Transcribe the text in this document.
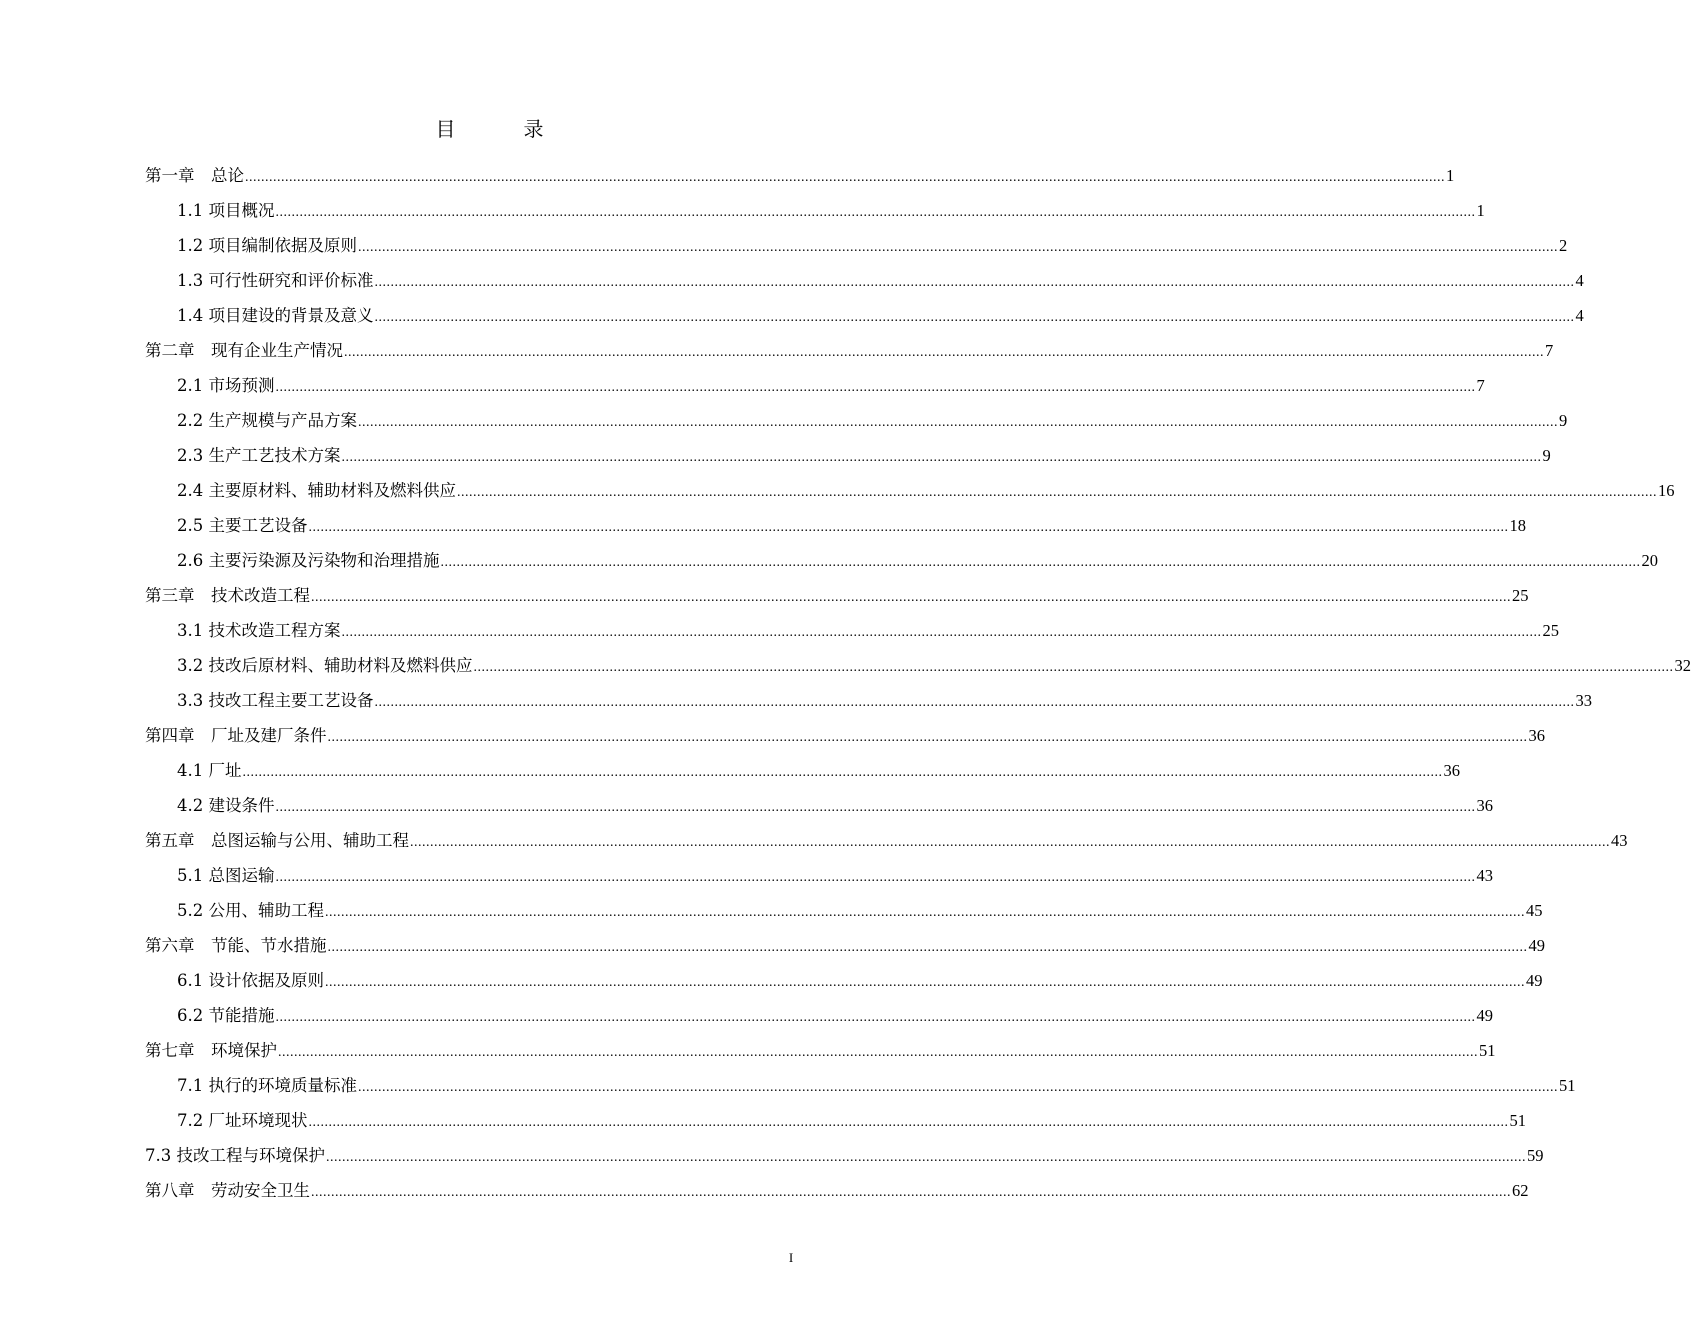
目　录
第一章　总论 ............................................................................................................................................................................................................................................................................................................ 1
1.1 项目概况 ............................................................................................................................................................................................................................................................................................................ 1
1.2 项目编制依据及原则 ............................................................................................................................................................................................................................................................................................................ 2
1.3 可行性研究和评价标准 ............................................................................................................................................................................................................................................................................................................ 4
1.4 项目建设的背景及意义 ............................................................................................................................................................................................................................................................................................................ 4
第二章　现有企业生产情况 ............................................................................................................................................................................................................................................................................................................ 7
2.1 市场预测 ............................................................................................................................................................................................................................................................................................................ 7
2.2 生产规模与产品方案 ............................................................................................................................................................................................................................................................................................................ 9
2.3 生产工艺技术方案 ............................................................................................................................................................................................................................................................................................................ 9
2.4 主要原材料、辅助材料及燃料供应 ............................................................................................................................................................................................................................................................................................................ 16
2.5 主要工艺设备 ............................................................................................................................................................................................................................................................................................................ 18
2.6 主要污染源及污染物和治理措施 ............................................................................................................................................................................................................................................................................................................ 20
第三章　技术改造工程 ............................................................................................................................................................................................................................................................................................................ 25
3.1 技术改造工程方案 ............................................................................................................................................................................................................................................................................................................ 25
3.2 技改后原材料、辅助材料及燃料供应 ............................................................................................................................................................................................................................................................................................................ 32
3.3 技改工程主要工艺设备 ............................................................................................................................................................................................................................................................................................................ 33
第四章　厂址及建厂条件 ............................................................................................................................................................................................................................................................................................................ 36
4.1 厂址 ............................................................................................................................................................................................................................................................................................................ 36
4.2 建设条件 ............................................................................................................................................................................................................................................................................................................ 36
第五章　总图运输与公用、辅助工程 ............................................................................................................................................................................................................................................................................................................ 43
5.1 总图运输 ............................................................................................................................................................................................................................................................................................................ 43
5.2 公用、辅助工程 ............................................................................................................................................................................................................................................................................................................ 45
第六章　节能、节水措施 ............................................................................................................................................................................................................................................................................................................ 49
6.1 设计依据及原则 ............................................................................................................................................................................................................................................................................................................ 49
6.2 节能措施 ............................................................................................................................................................................................................................................................................................................ 49
第七章　环境保护 ............................................................................................................................................................................................................................................................................................................ 51
7.1 执行的环境质量标准 ............................................................................................................................................................................................................................................................................................................ 51
7.2 厂址环境现状 ............................................................................................................................................................................................................................................................................................................ 51
7.3 技改工程与环境保护 ............................................................................................................................................................................................................................................................................................................ 59
第八章　劳动安全卫生 ............................................................................................................................................................................................................................................................................................................ 62
I
